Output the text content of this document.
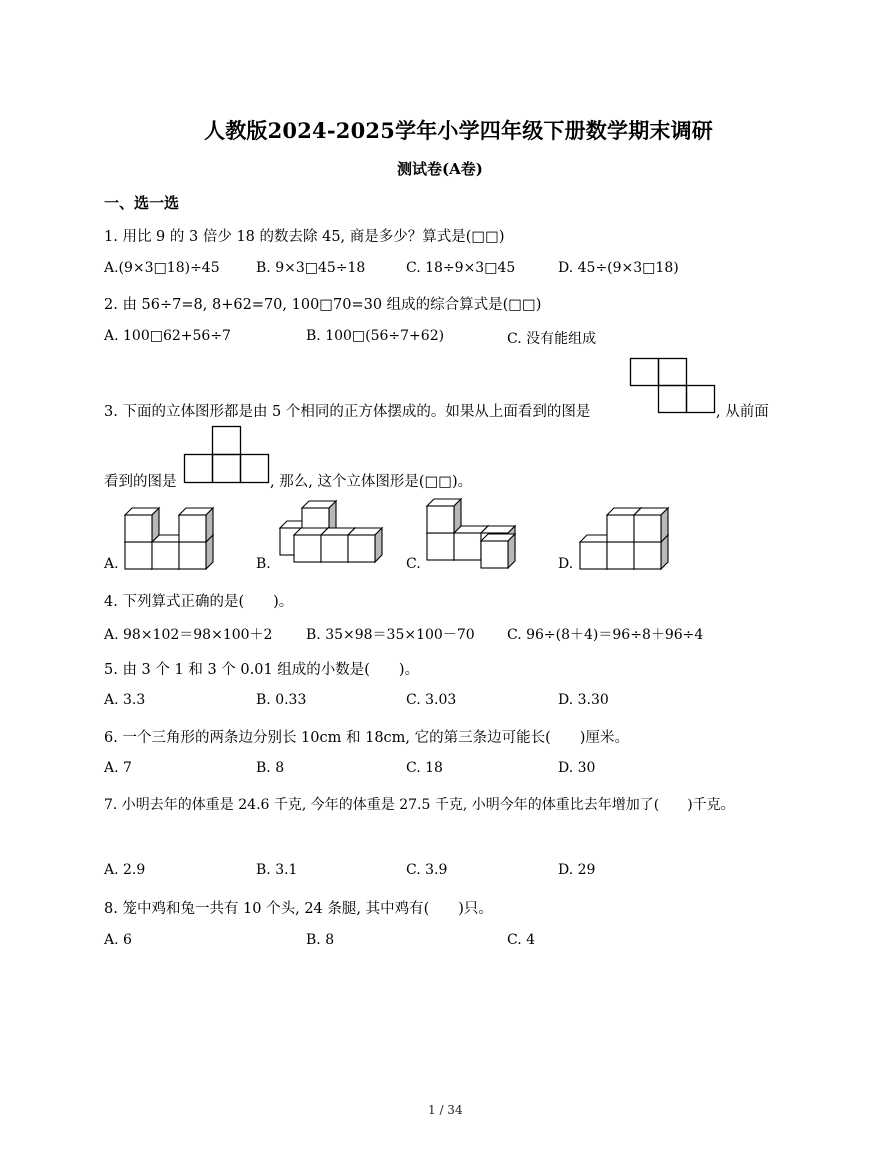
人教版2024-2025学年小学四年级下册数学期末调研
测试卷(A卷)
一、选一选
1. 用比 9 的 3 倍少 18 的数去除 45, 商是多少？算式是(□□)
A.(9×3□18)÷45	B. 9×3□45÷18	C. 18÷9×3□45	D. 45÷(9×3□18)
2. 由 56÷7=8, 8+62=70, 100□70=30 组成的综合算式是(□□)
A. 100□62+56÷7	B. 100□(56÷7+62)	C. 没有能组成
3. 下面的立体图形都是由 5 个相同的正方体摆成的。如果从上面看到的图是	, 从前面
看到的图是	, 那么, 这个立体图形是(□□)。
A.	B.	C.	D.
4. 下列算式正确的是(　　)。
A. 98×102＝98×100＋2 B. 35×98＝35×100－70 C. 96÷(8＋4)＝96÷8＋96÷4
5. 由 3 个 1 和 3 个 0.01 组成的小数是(　　)。
A. 3.3	B. 0.33	C. 3.03	D. 3.30
6. 一个三角形的两条边分别长 10cm 和 18cm, 它的第三条边可能长(　　)厘米。
A. 7	B. 8	C. 18	D. 30
7. 小明去年的体重是 24.6 千克, 今年的体重是 27.5 千克, 小明今年的体重比去年增加了(　　)千克。
A. 2.9	B. 3.1	C. 3.9	D. 29
8. 笼中鸡和兔一共有 10 个头, 24 条腿, 其中鸡有(　　)只。
A. 6	B. 8	C. 4
1 / 34
